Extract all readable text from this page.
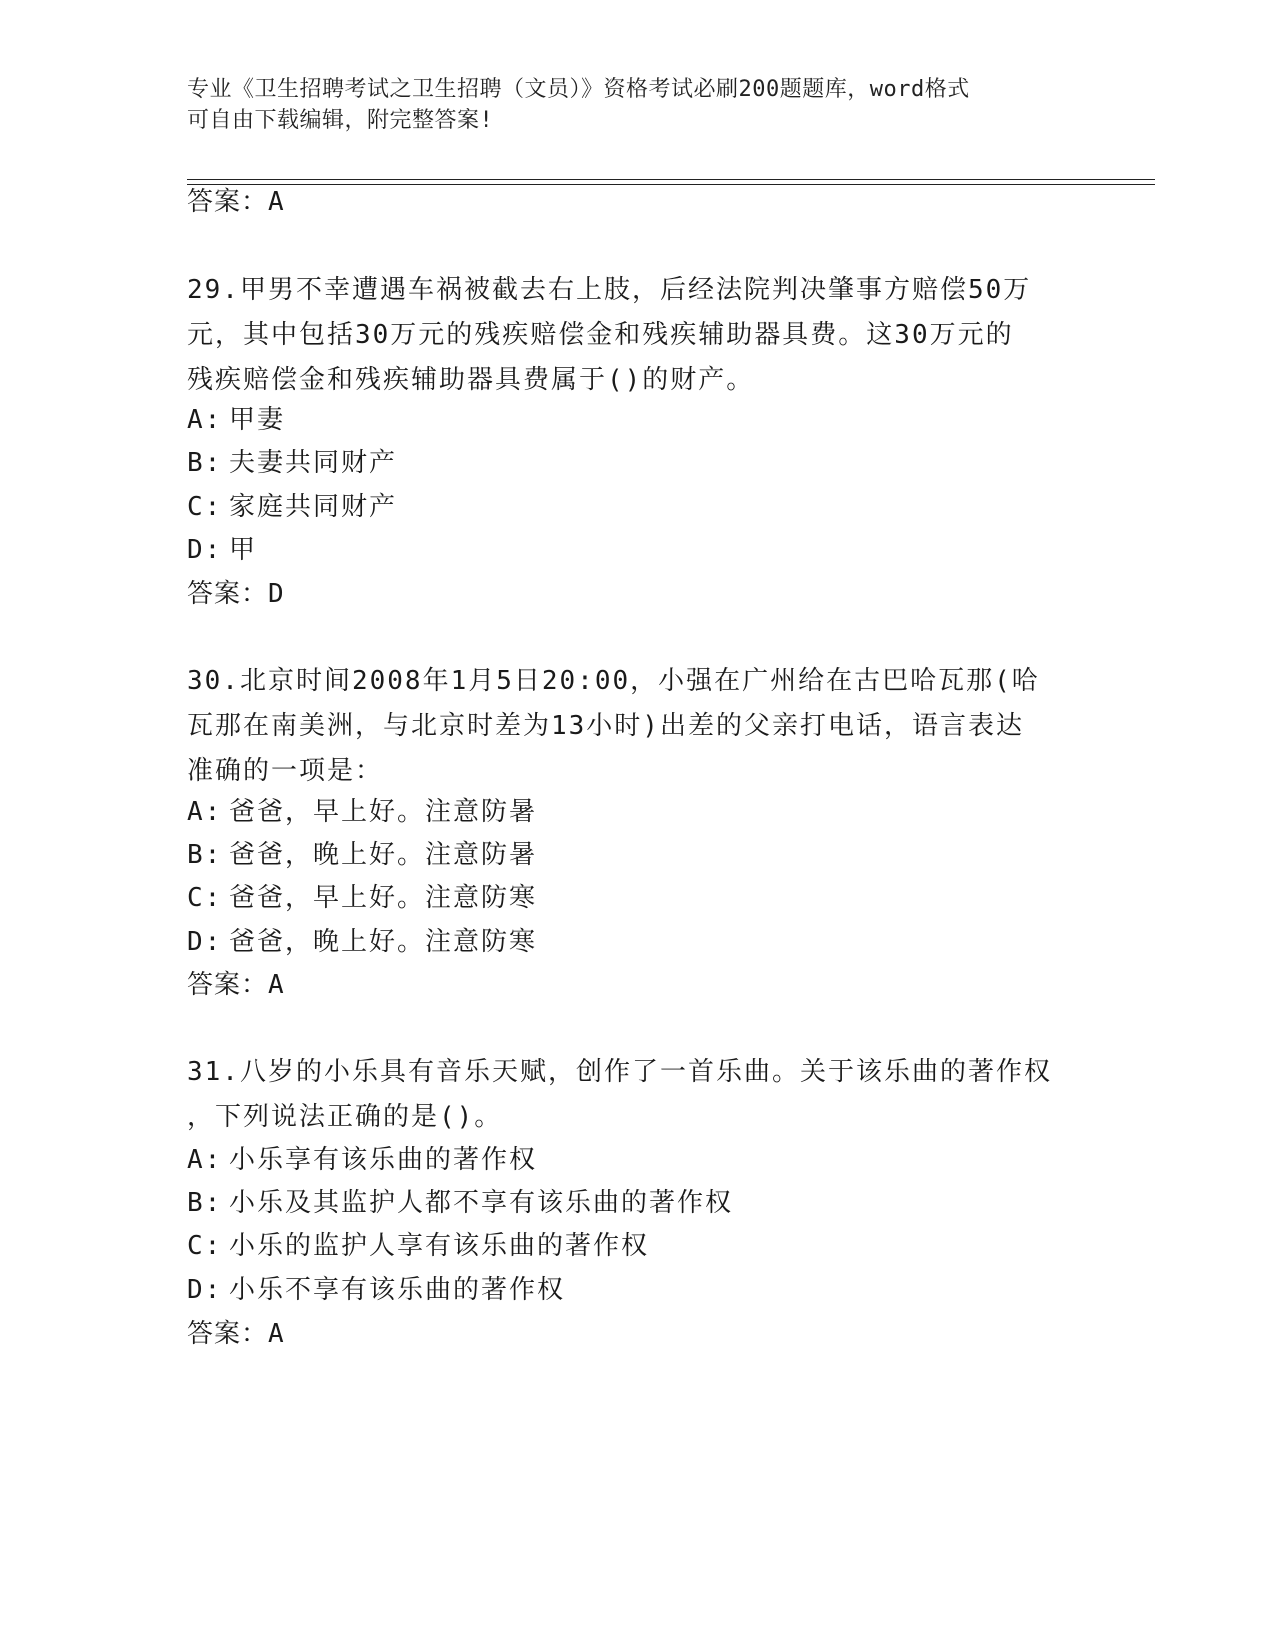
专业《卫生招聘考试之卫生招聘（文员）》资格考试必刷200题题库，word格式
可自由下载编辑，附完整答案!
答案：A
29.甲男不幸遭遇车祸被截去右上肢，后经法院判决肇事方赔偿50万
元，其中包括30万元的残疾赔偿金和残疾辅助器具费。这30万元的
残疾赔偿金和残疾辅助器具费属于()的财产。
A: 甲妻
B: 夫妻共同财产
C: 家庭共同财产
D: 甲
答案：D
30.北京时间2008年1月5日20:00，小强在广州给在古巴哈瓦那(哈
瓦那在南美洲，与北京时差为13小时)出差的父亲打电话，语言表达
准确的一项是：
A: 爸爸，早上好。注意防暑
B: 爸爸，晚上好。注意防暑
C: 爸爸，早上好。注意防寒
D: 爸爸，晚上好。注意防寒
答案：A
31.八岁的小乐具有音乐天赋，创作了一首乐曲。关于该乐曲的著作权
，下列说法正确的是()。
A: 小乐享有该乐曲的著作权
B: 小乐及其监护人都不享有该乐曲的著作权
C: 小乐的监护人享有该乐曲的著作权
D: 小乐不享有该乐曲的著作权
答案：A
